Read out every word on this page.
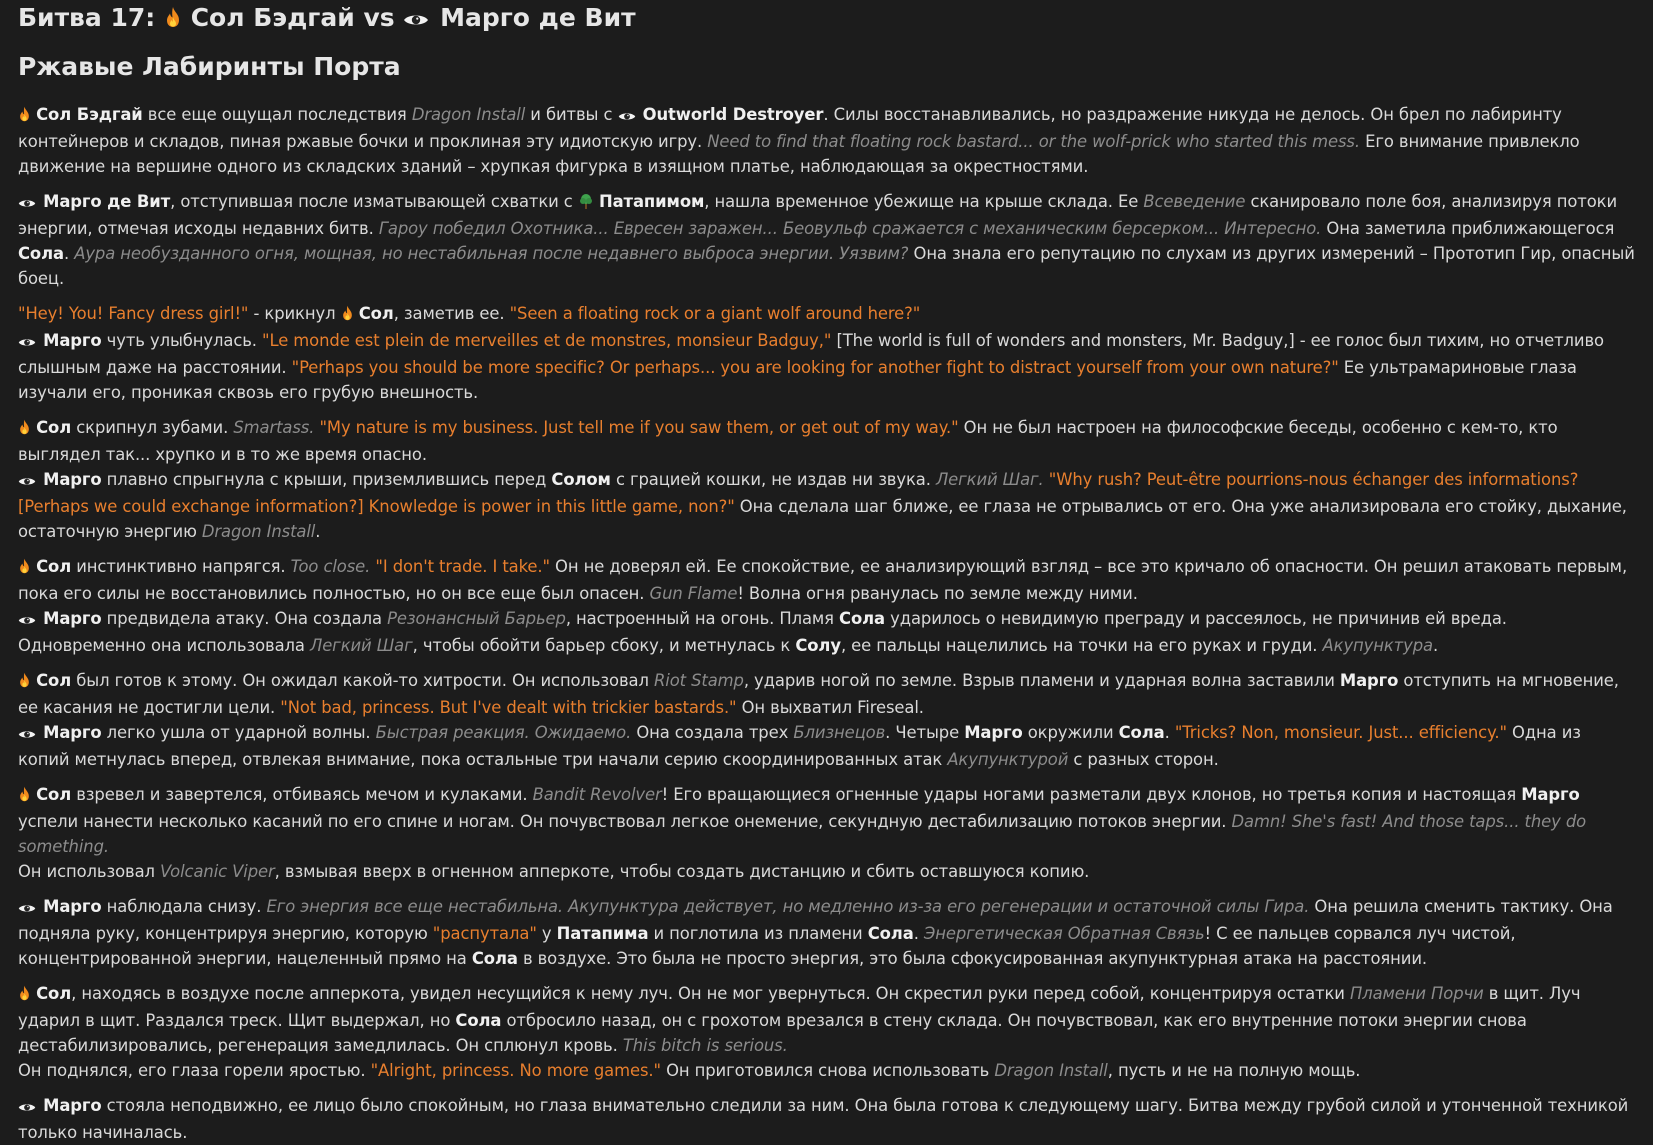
Битва 17: Сол Бэдгай vs Марго де Вит
Ржавые Лабиринты Порта
Сол Бэдгай все еще ощущал последствия Dragon Install и битвы с  Outworld Destroyer. Силы восстанавливались, но раздражение никуда не делось. Он брел по лабиринту контейнеров и складов, пиная ржавые бочки и проклиная эту идиотскую игру. Need to find that floating rock bastard... or the wolf-prick who started this mess. Его внимание привлекло движение на вершине одного из складских зданий – хрупкая фигурка в изящном платье, наблюдающая за окрестностями.
Марго де Вит, отступившая после изматывающей схватки с  Патапимом, нашла временное убежище на крыше склада. Ее Всеведение сканировало поле боя, анализируя потоки энергии, отмечая исходы недавних битв. Гарoу победил Охотника... Евресен заражен... Беовульф сражается с механическим берсерком... Интересно. Она заметила приближающегося Сола. Аура необузданного огня, мощная, но нестабильная после недавнего выброса энергии. Уязвим? Она знала его репутацию по слухам из других измерений – Прототип Гир, опасный боец.
"Hey! You! Fancy dress girl!" - крикнул  Сол, заметив ее. "Seen a floating rock or a giant wolf around here?"
Марго чуть улыбнулась. "Le monde est plein de merveilles et de monstres, monsieur Badguy," [The world is full of wonders and monsters, Mr. Badguy,] - ее голос был тихим, но отчетливо слышным даже на расстоянии. "Perhaps you should be more specific? Or perhaps... you are looking for another fight to distract yourself from your own nature?" Ее ультрамариновые глаза изучали его, проникая сквозь его грубую внешность.
Сол скрипнул зубами. Smartass. "My nature is my business. Just tell me if you saw them, or get out of my way." Он не был настроен на философские беседы, особенно с кем-то, кто выглядел так... хрупко и в то же время опасно.
Марго плавно спрыгнула с крыши, приземлившись перед Солом с грацией кошки, не издав ни звука. Легкий Шаг. "Why rush? Peut-être pourrions-nous échanger des informations? [Perhaps we could exchange information?] Knowledge is power in this little game, non?" Она сделала шаг ближе, ее глаза не отрывались от его. Она уже анализировала его стойку, дыхание, остаточную энергию Dragon Install.
Сол инстинктивно напрягся. Too close. "I don't trade. I take." Он не доверял ей. Ее спокойствие, ее анализирующий взгляд – все это кричало об опасности. Он решил атаковать первым, пока его силы не восстановились полностью, но он все еще был опасен. Gun Flame! Волна огня рванулась по земле между ними.
Марго предвидела атаку. Она создала Резонансный Барьер, настроенный на огонь. Пламя Сола ударилось о невидимую преграду и рассеялось, не причинив ей вреда. Одновременно она использовала Легкий Шаг, чтобы обойти барьер сбоку, и метнулась к Солу, ее пальцы нацелились на точки на его руках и груди. Акупунктура.
Сол был готов к этому. Он ожидал какой-то хитрости. Он использовал Riot Stamp, ударив ногой по земле. Взрыв пламени и ударная волна заставили Марго отступить на мгновение, ее касания не достигли цели. "Not bad, princess. But I've dealt with trickier bastards." Он выхватил Fireseal.
Марго легко ушла от ударной волны. Быстрая реакция. Ожидаемо. Она создала трех Близнецов. Четыре Марго окружили Сола. "Tricks? Non, monsieur. Just... efficiency." Одна из копий метнулась вперед, отвлекая внимание, пока остальные три начали серию скоординированных атак Акупунктурой с разных сторон.
Сол взревел и завертелся, отбиваясь мечом и кулаками. Bandit Revolver! Его вращающиеся огненные удары ногами разметали двух клонов, но третья копия и настоящая Марго успели нанести несколько касаний по его спине и ногам. Он почувствовал легкое онемение, секундную дестабилизацию потоков энергии. Damn! She's fast! And those taps... they do something.
Он использовал Volcanic Viper, взмывая вверх в огненном апперкоте, чтобы создать дистанцию и сбить оставшуюся копию.
Марго наблюдала снизу. Его энергия все еще нестабильна. Акупунктура действует, но медленно из-за его регенерации и остаточной силы Гира. Она решила сменить тактику. Она подняла руку, концентрируя энергию, которую "распутала" у Патапима и поглотила из пламени Сола. Энергетическая Обратная Связь! С ее пальцев сорвался луч чистой, концентрированной энергии, нацеленный прямо на Сола в воздухе. Это была не просто энергия, это была сфокусированная акупунктурная атака на расстоянии.
Сол, находясь в воздухе после апперкота, увидел несущийся к нему луч. Он не мог увернуться. Он скрестил руки перед собой, концентрируя остатки Пламени Порчи в щит. Луч ударил в щит. Раздался треск. Щит выдержал, но Сола отбросило назад, он с грохотом врезался в стену склада. Он почувствовал, как его внутренние потоки энергии снова дестабилизировались, регенерация замедлилась. Он сплюнул кровь. This bitch is serious.
Он поднялся, его глаза горели яростью. "Alright, princess. No more games." Он приготовился снова использовать Dragon Install, пусть и не на полную мощь.
Марго стояла неподвижно, ее лицо было спокойным, но глаза внимательно следили за ним. Она была готова к следующему шагу. Битва между грубой силой и утонченной техникой только начиналась.
